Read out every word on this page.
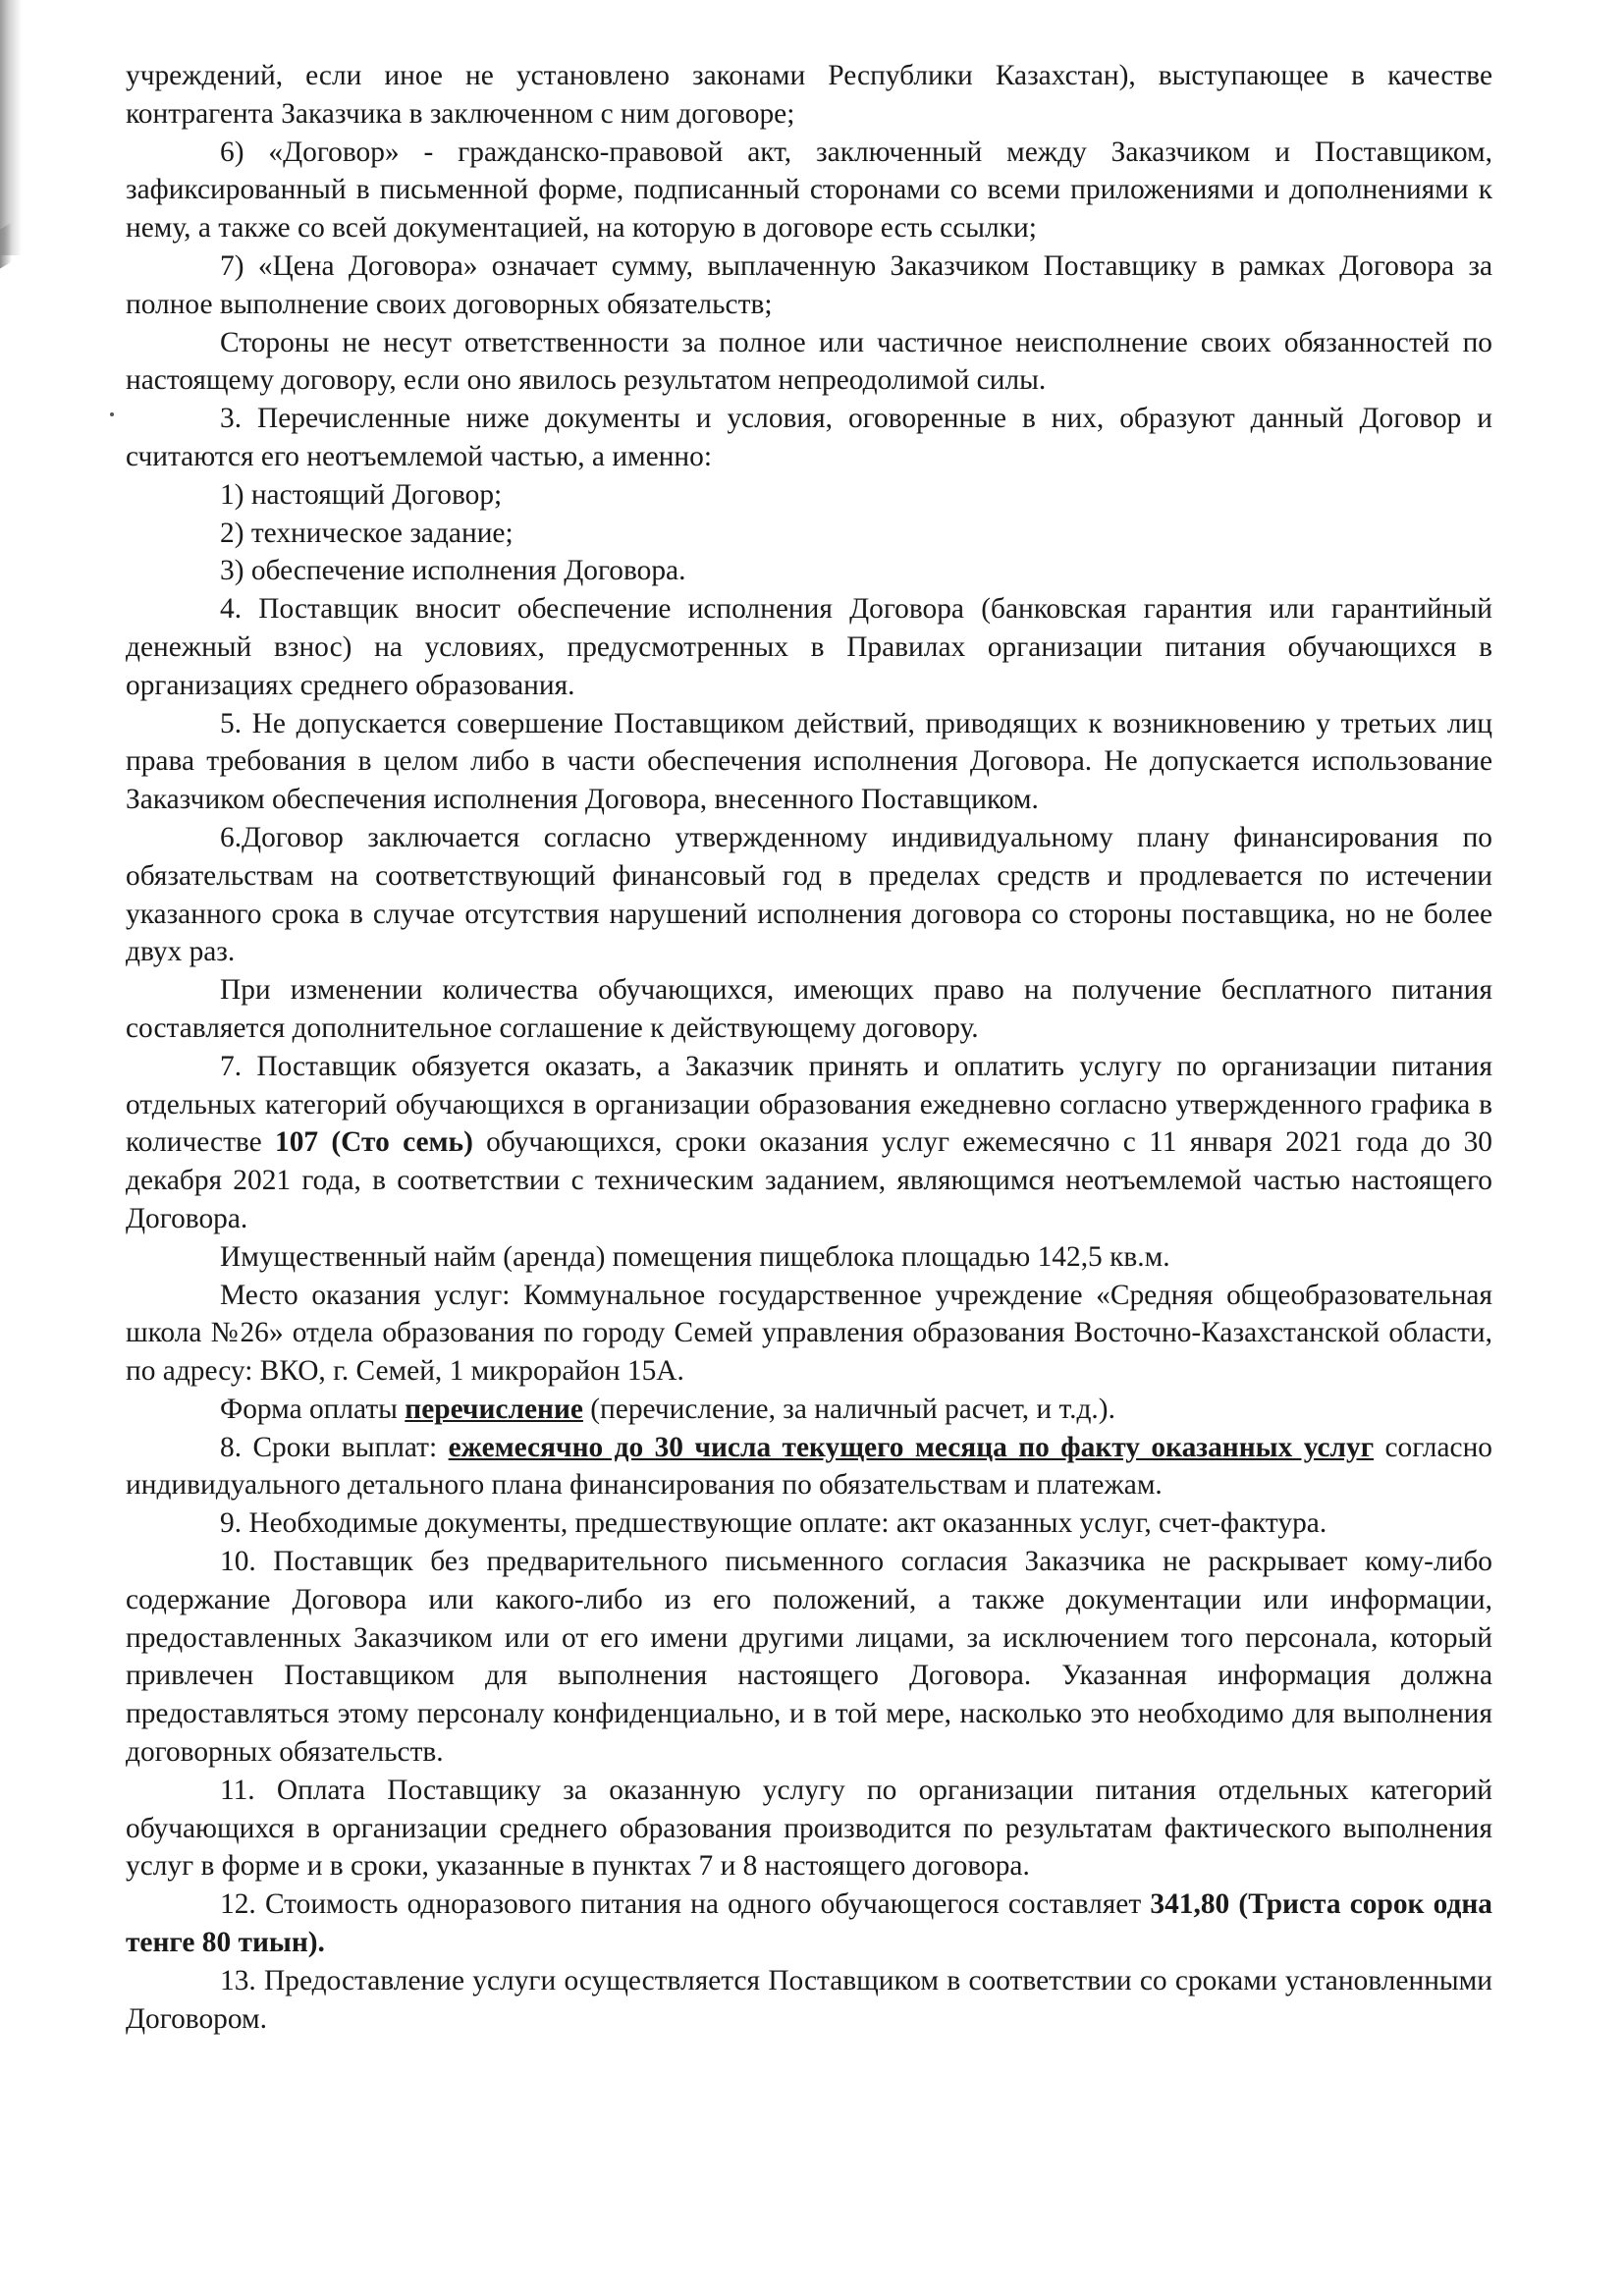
учреждений, если иное не установлено законами Республики Казахстан), выступающее в качестве контрагента Заказчика в заключенном с ним договоре;

6) «Договор» - гражданско-правовой акт, заключенный между Заказчиком и Поставщиком, зафиксированный в письменной форме, подписанный сторонами со всеми приложениями и дополнениями к нему, а также со всей документацией, на которую в договоре есть ссылки;

7) «Цена Договора» означает сумму, выплаченную Заказчиком Поставщику в рамках Договора за полное выполнение своих договорных обязательств;

Стороны не несут ответственности за полное или частичное неисполнение своих обязанностей по настоящему договору, если оно явилось результатом непреодолимой силы.

3. Перечисленные ниже документы и условия, оговоренные в них, образуют данный Договор и считаются его неотъемлемой частью, а именно:

1) настоящий Договор;

2) техническое задание;

3) обеспечение исполнения Договора.

4. Поставщик вносит обеспечение исполнения Договора (банковская гарантия или гарантийный денежный взнос) на условиях, предусмотренных в Правилах организации питания обучающихся в организациях среднего образования.

5. Не допускается совершение Поставщиком действий, приводящих к возникновению у третьих лиц права требования в целом либо в части обеспечения исполнения Договора. Не допускается использование Заказчиком обеспечения исполнения Договора, внесенного Поставщиком.

6.Договор заключается согласно утвержденному индивидуальному плану финансирования по обязательствам на соответствующий финансовый год в пределах средств и продлевается по истечении указанного срока в случае отсутствия нарушений исполнения договора со стороны поставщика, но не более двух раз.

При изменении количества обучающихся, имеющих право на получение бесплатного питания составляется дополнительное соглашение к действующему договору.

7. Поставщик обязуется оказать, а Заказчик принять и оплатить услугу по организации питания отдельных категорий обучающихся в организации образования ежедневно согласно утвержденного графика в количестве 107 (Сто семь) обучающихся, сроки оказания услуг ежемесячно с 11 января 2021 года до 30 декабря 2021 года, в соответствии с техническим заданием, являющимся неотъемлемой частью настоящего Договора.

Имущественный найм (аренда) помещения пищеблока площадью 142,5 кв.м.

Место оказания услуг: Коммунальное государственное учреждение «Средняя общеобразовательная школа №26» отдела образования по городу Семей управления образования Восточно-Казахстанской области, по адресу: ВКО, г. Семей, 1 микрорайон 15А.

Форма оплаты перечисление (перечисление, за наличный расчет, и т.д.).

8. Сроки выплат: ежемесячно до 30 числа текущего месяца по факту оказанных услуг согласно индивидуального детального плана финансирования по обязательствам и платежам.

9. Необходимые документы, предшествующие оплате: акт оказанных услуг, счет-фактура.

10. Поставщик без предварительного письменного согласия Заказчика не раскрывает кому-либо содержание Договора или какого-либо из его положений, а также документации или информации, предоставленных Заказчиком или от его имени другими лицами, за исключением того персонала, который привлечен Поставщиком для выполнения настоящего Договора. Указанная информация должна предоставляться этому персоналу конфиденциально, и в той мере, насколько это необходимо для выполнения договорных обязательств.

11. Оплата Поставщику за оказанную услугу по организации питания отдельных категорий обучающихся в организации среднего образования производится по результатам фактического выполнения услуг в форме и в сроки, указанные в пунктах 7 и 8 настоящего договора.

12. Стоимость одноразового питания на одного обучающегося составляет 341,80 (Триста сорок одна тенге 80 тиын).

13. Предоставление услуги осуществляется Поставщиком в соответствии со сроками установленными Договором.
